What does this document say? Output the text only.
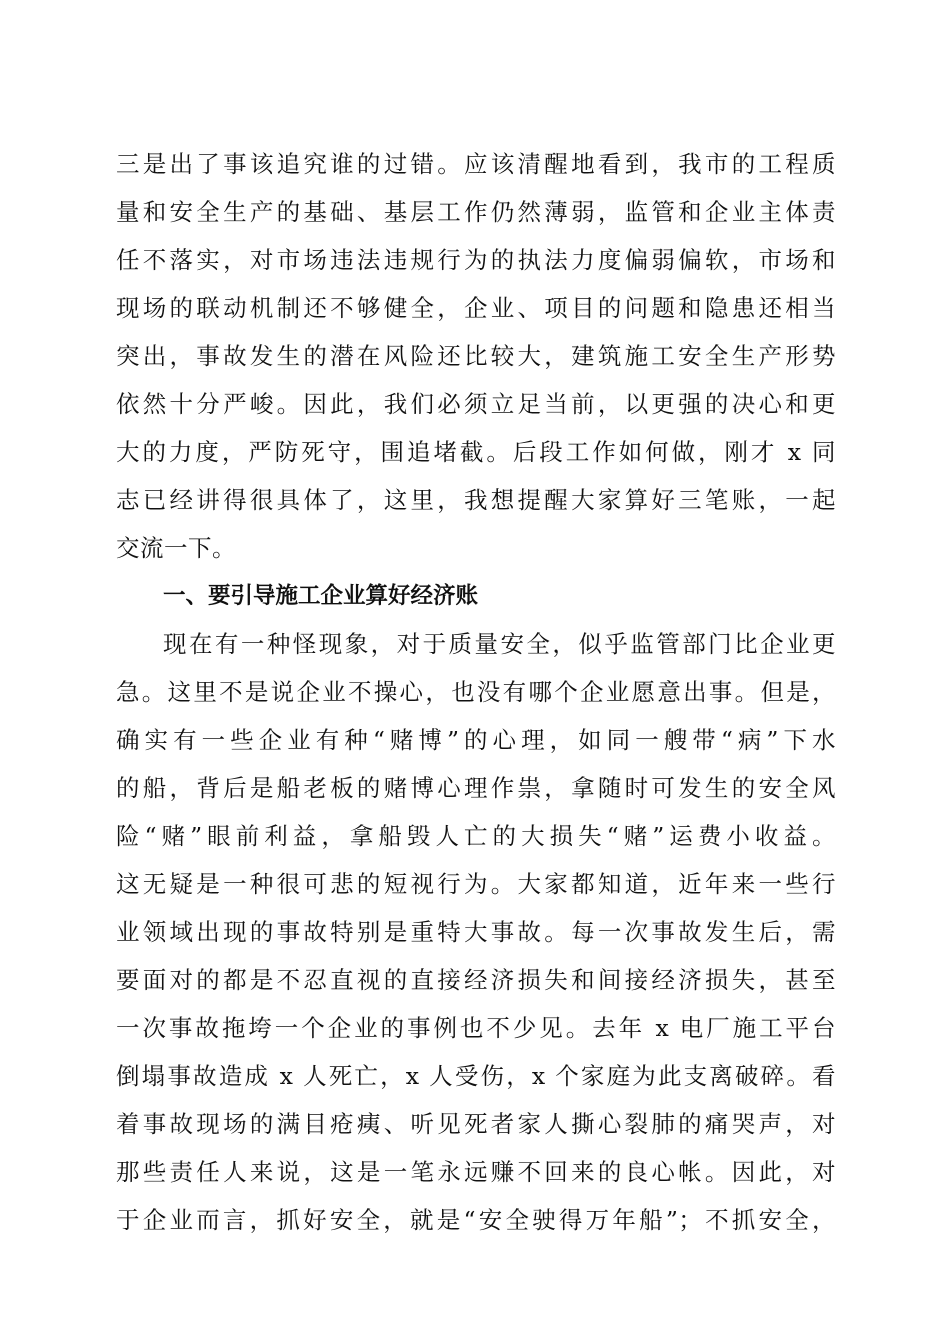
三是出了事该追究谁的过错。应该清醒地看到，我市的工程质
量和安全生产的基础、基层工作仍然薄弱，监管和企业主体责
任不落实，对市场违法违规行为的执法力度偏弱偏软，市场和
现场的联动机制还不够健全，企业、项目的问题和隐患还相当
突出，事故发生的潜在风险还比较大，建筑施工安全生产形势
依然十分严峻。因此，我们必须立足当前，以更强的决心和更
大的力度，严防死守，围追堵截。后段工作如何做，刚才 x 同
志已经讲得很具体了，这里，我想提醒大家算好三笔账，一起
交流一下。
一、要引导施工企业算好经济账
现在有一种怪现象，对于质量安全，似乎监管部门比企业更
急。这里不是说企业不操心，也没有哪个企业愿意出事。但是，
确实有一些企业有种“赌博”的心理，如同一艘带“病”下水
的船，背后是船老板的赌博心理作祟，拿随时可发生的安全风
险“赌”眼前利益，拿船毁人亡的大损失“赌”运费小收益。
这无疑是一种很可悲的短视行为。大家都知道，近年来一些行
业领域出现的事故特别是重特大事故。每一次事故发生后，需
要面对的都是不忍直视的直接经济损失和间接经济损失，甚至
一次事故拖垮一个企业的事例也不少见。去年 x 电厂施工平台
倒塌事故造成 x 人死亡，x 人受伤，x 个家庭为此支离破碎。看
着事故现场的满目疮痍、听见死者家人撕心裂肺的痛哭声，对
那些责任人来说，这是一笔永远赚不回来的良心帐。因此，对
于企业而言，抓好安全，就是“安全驶得万年船”；不抓安全，
